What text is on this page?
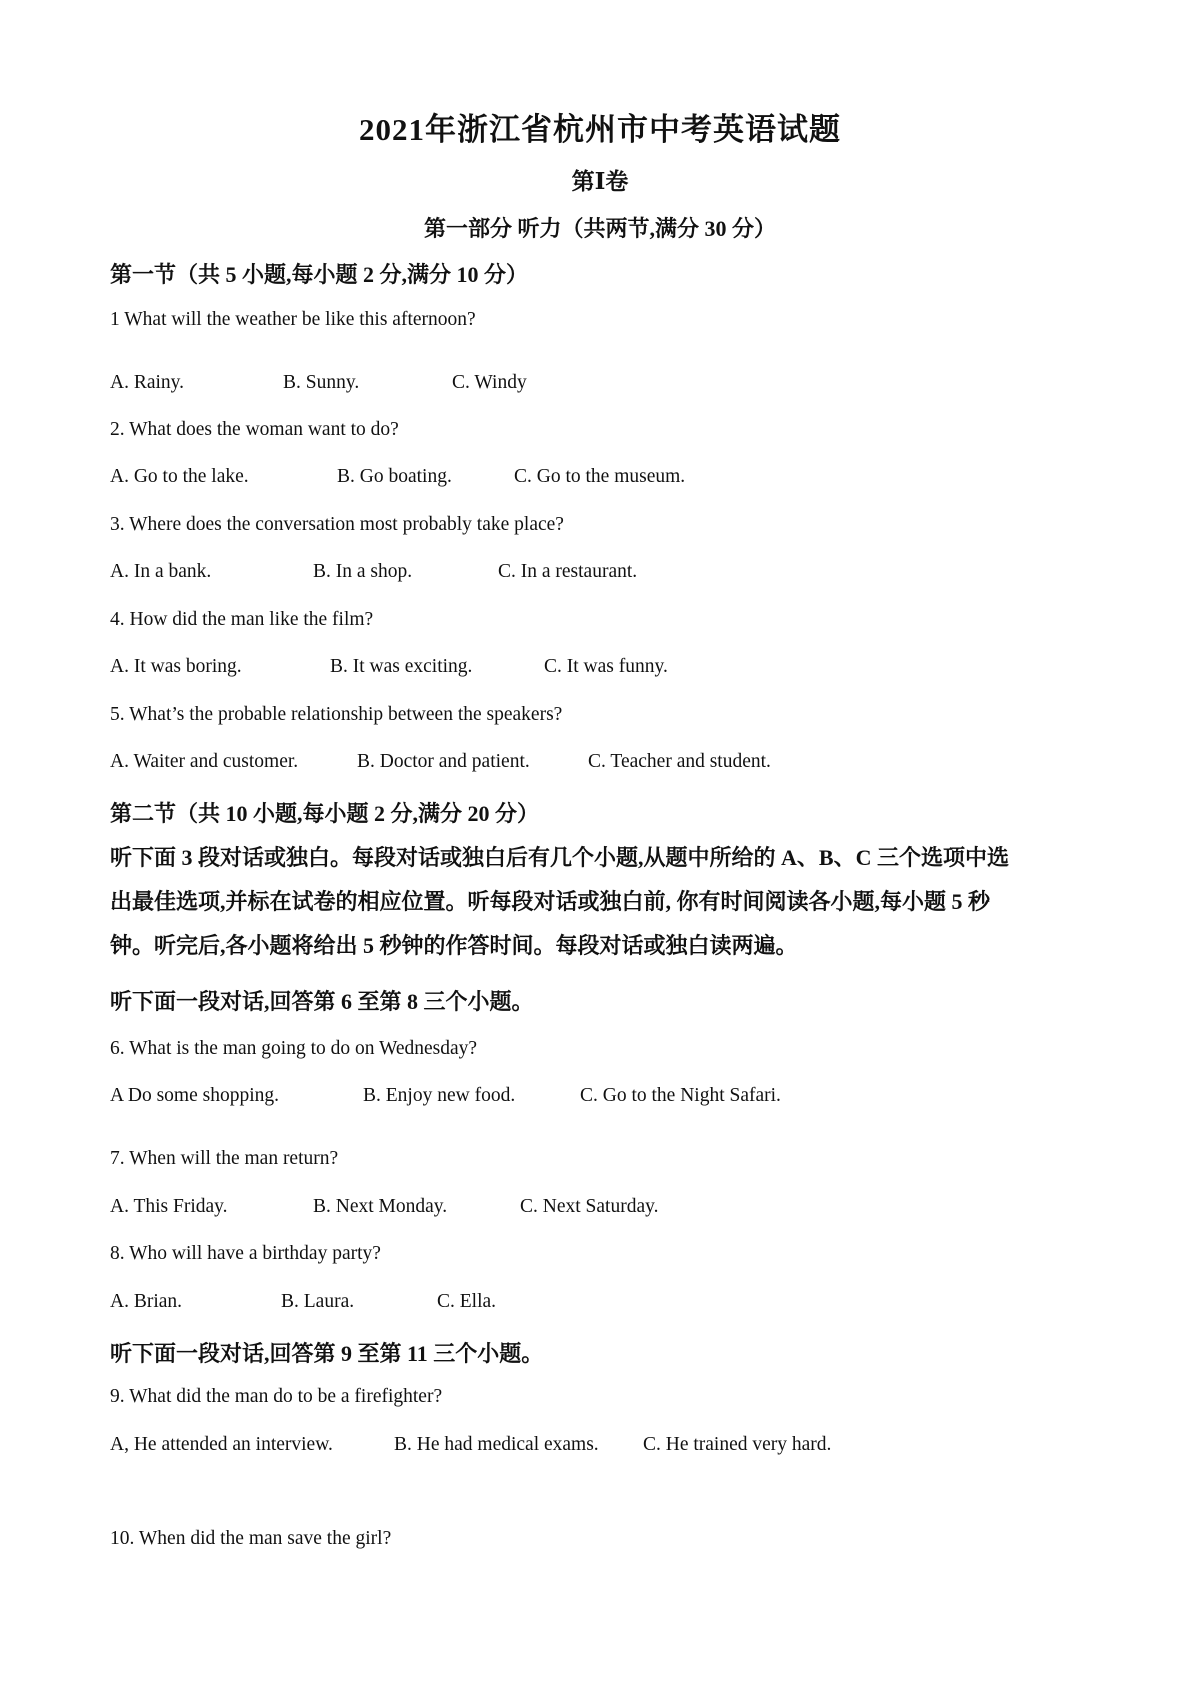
2021年浙江省杭州市中考英语试题
第Ⅰ卷
第一部分 听力（共两节,满分 30 分）
第一节（共 5 小题,每小题 2 分,满分 10 分）
1 What will the weather be like this afternoon?
A. Rainy.	B. Sunny.	C. Windy
2. What does the woman want to do?
A. Go to the lake.	B. Go boating.	C. Go to the museum.
3. Where does the conversation most probably take place?
A. In a bank.	B. In a shop.	C. In a restaurant.
4. How did the man like the film?
A. It was boring.	B. It was exciting.	C. It was funny.
5. What’s the probable relationship between the speakers?
A. Waiter and customer.	B. Doctor and patient.	C. Teacher and student.
第二节（共 10 小题,每小题 2 分,满分 20 分）
听下面 3 段对话或独白。每段对话或独白后有几个小题,从题中所给的 A、B、C 三个选项中选
出最佳选项,并标在试卷的相应位置。听每段对话或独白前, 你有时间阅读各小题,每小题 5 秒
钟。听完后,各小题将给出 5 秒钟的作答时间。每段对话或独白读两遍。
听下面一段对话,回答第 6 至第 8 三个小题。
6. What is the man going to do on Wednesday?
A Do some shopping.	B. Enjoy new food.	C. Go to the Night Safari.
7. When will the man return?
A. This Friday.	B. Next Monday.	C. Next Saturday.
8. Who will have a birthday party?
A. Brian.	B. Laura.	C. Ella.
听下面一段对话,回答第 9 至第 11 三个小题。
9. What did the man do to be a firefighter?
A, He attended an interview.	B. He had medical exams. C. He trained very hard.
10. When did the man save the girl?
